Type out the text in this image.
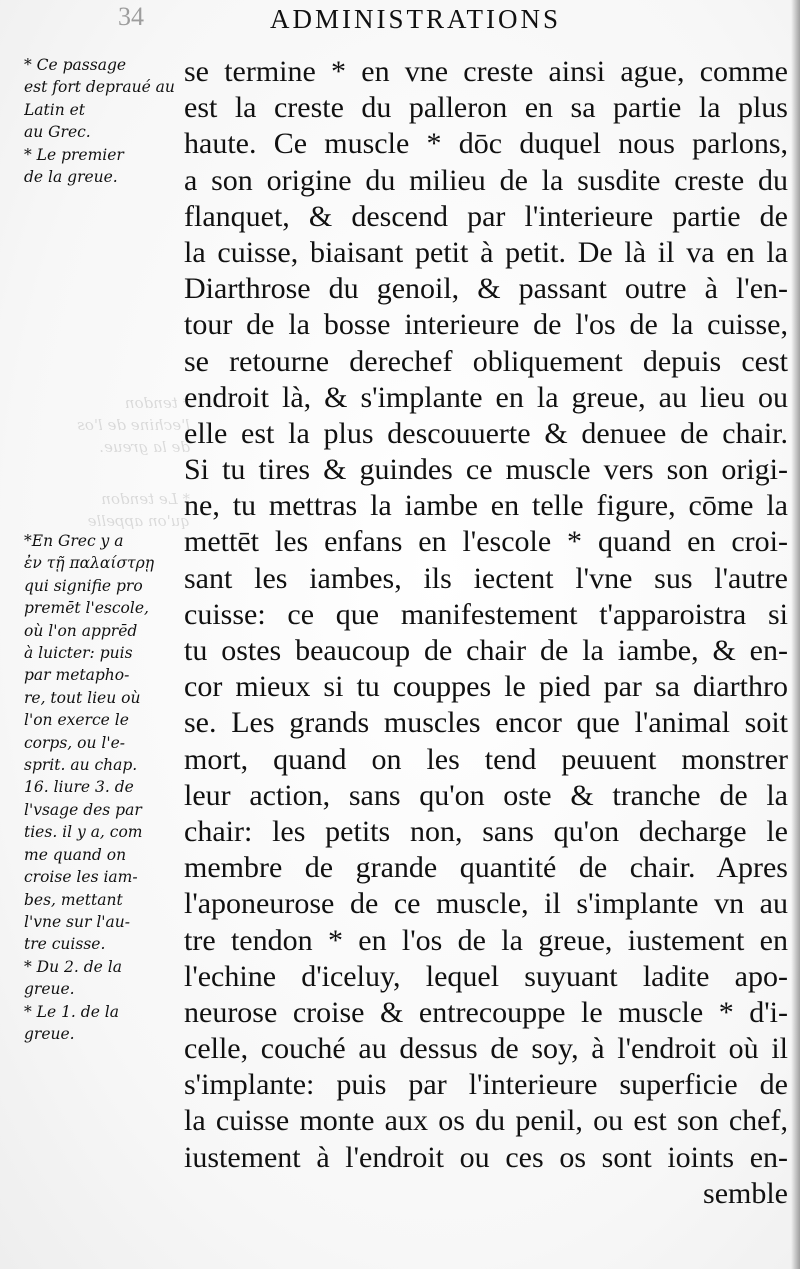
* tendon
l'echine de l'os
de la greue.
* Le tendon
qu'on appelle
34	ADMINISTRATIONS
* Ce passage
est fort depraué au Latin et
au Grec.
* Le premier
de la greue.
*En Grec y a
ἐν τῇ παλαίστρῃ
qui signifie pro
premēt l'escole,
où l'on apprēd
à luicter: puis
par metapho-
re, tout lieu où
l'on exerce le
corps, ou l'e-
sprit. au chap.
16. liure 3. de
l'vsage des par
ties. il y a, com
me quand on
croise les iam-
bes, mettant
l'vne sur l'au-
tre cuisse.
* Du 2. de la
greue.
* Le 1. de la
greue.
se termine * en vne creste ainsi ague, comme
est la creste du palleron en sa partie la plus
haute. Ce muscle * dōc duquel nous parlons,
a son origine du milieu de la susdite creste du
flanquet, & descend par l'interieure partie de
la cuisse, biaisant petit à petit. De là il va en la
Diarthrose du genoil, & passant outre à l'en-
tour de la bosse interieure de l'os de la cuisse,
se retourne derechef obliquement depuis cest
endroit là, & s'implante en la greue, au lieu ou
elle est la plus descouuerte & denuee de chair.
Si tu tires & guindes ce muscle vers son origi-
ne, tu mettras la iambe en telle figure, cōme la
mettēt les enfans en l'escole * quand en croi-
sant les iambes, ils iectent l'vne sus l'autre
cuisse: ce que manifestement t'apparoistra si
tu ostes beaucoup de chair de la iambe, & en-
cor mieux si tu couppes le pied par sa diarthro
se. Les grands muscles encor que l'animal soit
mort, quand on les tend peuuent monstrer
leur action, sans qu'on oste & tranche de la
chair: les petits non, sans qu'on decharge le
membre de grande quantité de chair. Apres
l'aponeurose de ce muscle, il s'implante vn au
tre tendon * en l'os de la greue, iustement en
l'echine d'iceluy, lequel suyuant ladite apo-
neurose croise & entrecouppe le muscle * d'i-
celle, couché au dessus de soy, à l'endroit où il
s'implante: puis par l'interieure superficie de
la cuisse monte aux os du penil, ou est son chef,
iustement à l'endroit ou ces os sont ioints en-
semble
